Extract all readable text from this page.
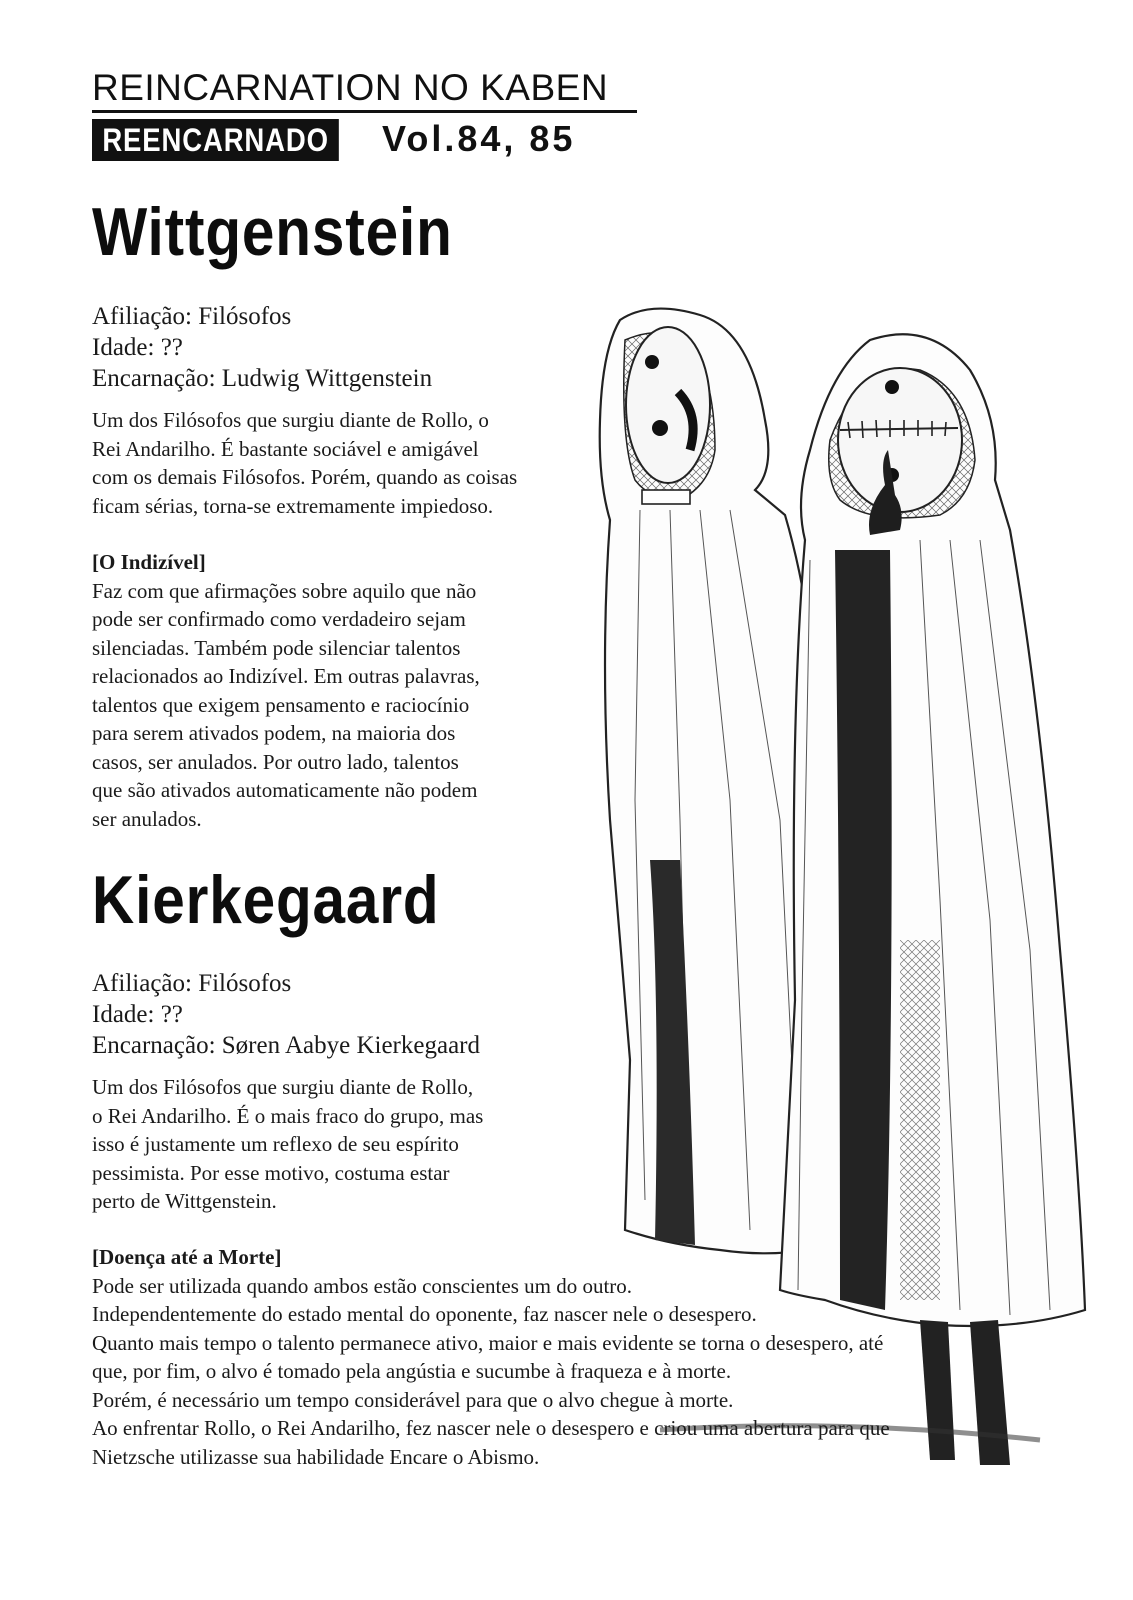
REINCARNATION NO KABEN
REENCARNADO Vol.84, 85
Wittgenstein
Afiliação: Filósofos
Idade: ??
Encarnação: Ludwig Wittgenstein
Um dos Filósofos que surgiu diante de Rollo, o
Rei Andarilho. É bastante sociável e amigável
com os demais Filósofos. Porém, quando as coisas
ficam sérias, torna-se extremamente impiedoso.
[O Indizível]
Faz com que afirmações sobre aquilo que não
pode ser confirmado como verdadeiro sejam
silenciadas. Também pode silenciar talentos
relacionados ao Indizível. Em outras palavras,
talentos que exigem pensamento e raciocínio
para serem ativados podem, na maioria dos
casos, ser anulados. Por outro lado, talentos
que são ativados automaticamente não podem
ser anulados.
Kierkegaard
Afiliação: Filósofos
Idade: ??
Encarnação: Søren Aabye Kierkegaard
Um dos Filósofos que surgiu diante de Rollo,
o Rei Andarilho. É o mais fraco do grupo, mas
isso é justamente um reflexo de seu espírito
pessimista. Por esse motivo, costuma estar
perto de Wittgenstein.
[Doença até a Morte]
Pode ser utilizada quando ambos estão conscientes um do outro.
Independentemente do estado mental do oponente, faz nascer nele o desespero.
Quanto mais tempo o talento permanece ativo, maior e mais evidente se torna o desespero, até
que, por fim, o alvo é tomado pela angústia e sucumbe à fraqueza e à morte.
Porém, é necessário um tempo considerável para que o alvo chegue à morte.
Ao enfrentar Rollo, o Rei Andarilho, fez nascer nele o desespero e criou uma abertura para que
Nietzsche utilizasse sua habilidade Encare o Abismo.
